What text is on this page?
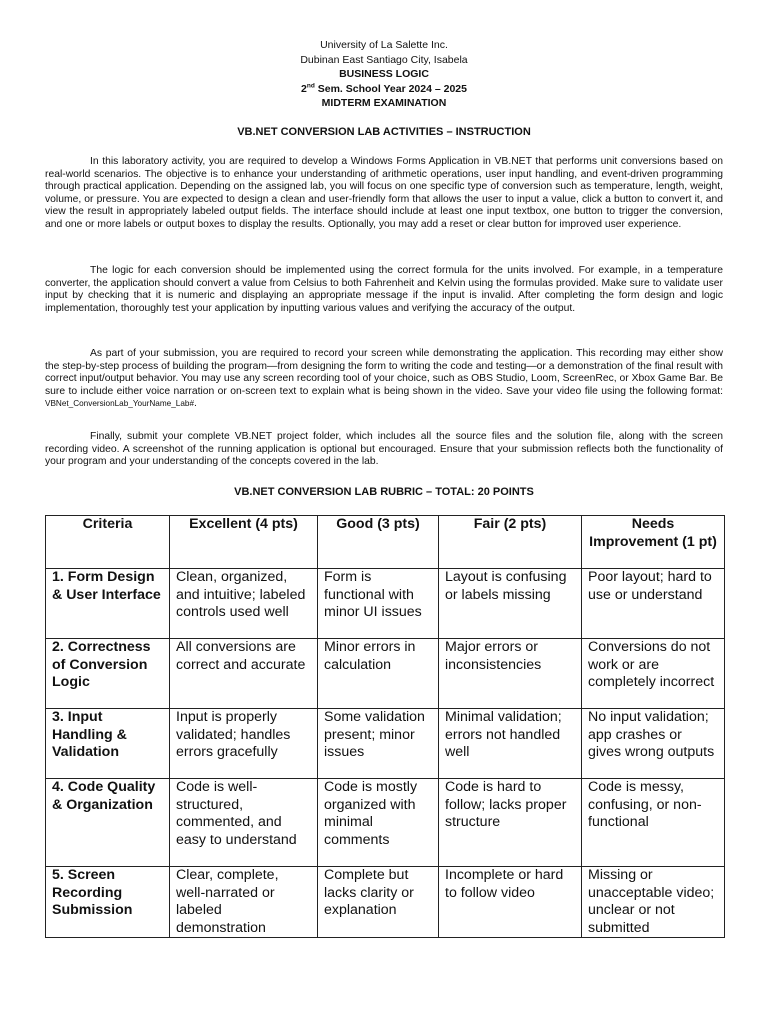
University of La Salette Inc.
Dubinan East Santiago City, Isabela
BUSINESS LOGIC
2nd Sem. School Year 2024 – 2025
MIDTERM EXAMINATION
VB.NET CONVERSION LAB ACTIVITIES – INSTRUCTION

In this laboratory activity, you are required to develop a Windows Forms Application in VB.NET that performs unit conversions based on real-world scenarios. The objective is to enhance your understanding of arithmetic operations, user input handling, and event-driven programming through practical application. Depending on the assigned lab, you will focus on one specific type of conversion such as temperature, length, weight, volume, or pressure. You are expected to design a clean and user-friendly form that allows the user to input a value, click a button to convert it, and view the result in appropriately labeled output fields. The interface should include at least one input textbox, one button to trigger the conversion, and one or more labels or output boxes to display the results. Optionally, you may add a reset or clear button for improved user experience.

The logic for each conversion should be implemented using the correct formula for the units involved. For example, in a temperature converter, the application should convert a value from Celsius to both Fahrenheit and Kelvin using the formulas provided. Make sure to validate user input by checking that it is numeric and displaying an appropriate message if the input is invalid. After completing the form design and logic implementation, thoroughly test your application by inputting various values and verifying the accuracy of the output.

As part of your submission, you are required to record your screen while demonstrating the application. This recording may either show the step-by-step process of building the program—from designing the form to writing the code and testing—or a demonstration of the final result with correct input/output behavior. You may use any screen recording tool of your choice, such as OBS Studio, Loom, ScreenRec, or Xbox Game Bar. Be sure to include either voice narration or on-screen text to explain what is being shown in the video. Save your video file using the following format: VBNet_ConversionLab_YourName_Lab#.

Finally, submit your complete VB.NET project folder, which includes all the source files and the solution file, along with the screen recording video. A screenshot of the running application is optional but encouraged. Ensure that your submission reflects both the functionality of your program and your understanding of the concepts covered in the lab.

VB.NET CONVERSION LAB RUBRIC – TOTAL: 20 POINTS
Criteria	Excellent (4 pts)	Good (3 pts)	Fair (2 pts)	Needs Improvement (1 pt)
1. Form Design & User Interface	Clean, organized, and intuitive; labeled controls used well	Form is functional with minor UI issues	Layout is confusing or labels missing	Poor layout; hard to use or understand
2. Correctness of Conversion Logic	All conversions are correct and accurate	Minor errors in calculation	Major errors or inconsistencies	Conversions do not work or are completely incorrect
3. Input Handling & Validation	Input is properly validated; handles errors gracefully	Some validation present; minor issues	Minimal validation; errors not handled well	No input validation; app crashes or gives wrong outputs
4. Code Quality & Organization	Code is well-structured, commented, and easy to understand	Code is mostly organized with minimal comments	Code is hard to follow; lacks proper structure	Code is messy, confusing, or non-functional
5. Screen Recording Submission	Clear, complete, well-narrated or labeled demonstration	Complete but lacks clarity or explanation	Incomplete or hard to follow video	Missing or unacceptable video; unclear or not submitted
